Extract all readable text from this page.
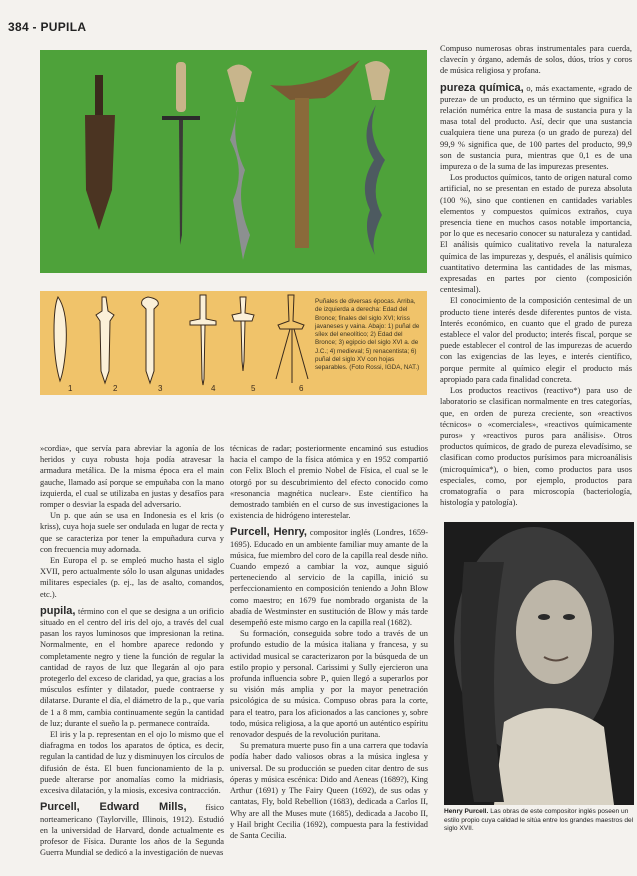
384 - PUPILA
1	2	3	4	5	6
Puñales de diversas épocas. Arriba, de izquierda a derecha: Edad del Bronce; finales del siglo XVI; kriss javaneses y vaina. Abajo: 1) puñal de sílex del eneolítico; 2) Edad del Bronce; 3) egipcio del siglo XVI a. de J.C.; 4) medieval; 5) renacentista; 6) puñal del siglo XV con hojas separables. (Foto Rossi, IGDA, NAT.)

»cordia», que servía para abreviar la agonía de los heridos y cuya robusta hoja podía atravesar la armadura metálica. De la misma época era el main gauche, llamado así porque se empuñaba con la mano izquierda, el cual se utilizaba en justas y desafíos para romper o desviar la espada del adversario.

Un p. que aún se usa en Indonesia es el kris (o kriss), cuya hoja suele ser ondulada en lugar de recta y que se caracteriza por tener la empuñadura curva y con frecuencia muy adornada.

En Europa el p. se empleó mucho hasta el siglo XVII, pero actualmente sólo lo usan algunas unidades militares especiales (p. ej., las de asalto, comandos, etc.).

pupila, término con el que se designa a un orificio situado en el centro del iris del ojo, a través del cual pasan los rayos luminosos que impresionan la retina. Normalmente, en el hombre aparece redondo y completamente negro y tiene la función de regular la cantidad de rayos de luz que llegarán al ojo para protegerlo del exceso de claridad, ya que, gracias a los músculos esfínter y dilatador, puede contraerse y dilatarse. Durante el día, el diámetro de la p., que varía de 1 a 8 mm, cambia continuamente según la cantidad de luz; durante el sueño la p. permanece contraída.

El iris y la p. representan en el ojo lo mismo que el diafragma en todos los aparatos de óptica, es decir, regulan la cantidad de luz y disminuyen los círculos de difusión de ésta. El buen funcionamiento de la p. puede alterarse por anomalías como la midriasis, excesiva dilatación, y la miosis, excesiva contracción.

Purcell, Edward Mills, físico norteamericano (Taylorville, Illinois, 1912). Estudió en la universidad de Harvard, donde actualmente es profesor de Física. Durante los años de la Segunda Guerra Mundial se dedicó a la investigación de nuevas

técnicas de radar; posteriormente encaminó sus estudios hacia el campo de la física atómica y en 1952 compartió con Felix Bloch el premio Nobel de Física, el cual se le otorgó por su descubrimiento del efecto conocido como «resonancia magnética nuclear». Este científico ha demostrado también en el curso de sus investigaciones la existencia de hidrógeno interestelar.

Purcell, Henry, compositor inglés (Londres, 1659-1695). Educado en un ambiente familiar muy amante de la música, fue miembro del coro de la capilla real desde niño. Cuando empezó a cambiar la voz, aunque siguió perteneciendo al servicio de la capilla, inició su perfeccionamiento en composición teniendo a John Blow como maestro; en 1679 fue nombrado organista de la abadía de Westminster en sustitución de Blow y más tarde desempeñó este mismo cargo en la capilla real (1682).

Su formación, conseguida sobre todo a través de un profundo estudio de la música italiana y francesa, y su actividad musical se caracterizaron por la búsqueda de un estilo propio y personal. Carissimi y Sully ejercieron una profunda influencia sobre P., quien llegó a superarlos por su visión más amplia y por la mayor penetración psicológica de su música. Compuso obras para la corte, para el teatro, para los aficionados a las canciones y, sobre todo, música religiosa, a la que aportó un auténtico espíritu renovador después de la revolución puritana.

Su prematura muerte puso fin a una carrera que todavía podía haber dado valiosos obras a la música inglesa y universal. De su producción se pueden citar dentro de sus óperas y música escénica: Dido and Aeneas (1689?), King Arthur (1691) y The Fairy Queen (1692), de sus odas y cantatas, Fly, bold Rebellion (1683), dedicada a Carlos II, Why are all the Muses mute (1685), dedicada a Jacobo II, y Hail bright Cecilia (1692), compuesta para la festividad de Santa Cecilia.

Compuso numerosas obras instrumentales para cuerda, clavecín y órgano, además de solos, dúos, tríos y coros de música religiosa y profana.

pureza química, o, más exactamente, «grado de pureza» de un producto, es un término que significa la relación numérica entre la masa de sustancia pura y la masa total del producto. Así, decir que una sustancia cualquiera tiene una pureza (o un grado de pureza) del 99,9 % significa que, de 100 partes del producto, 99,9 son de sustancia pura, mientras que 0,1 es de una impureza o de la suma de las impurezas presentes.

Los productos químicos, tanto de origen natural como artificial, no se presentan en estado de pureza absoluta (100 %), sino que contienen en cantidades variables elementos y compuestos químicos extraños, cuya presencia tiene en muchos casos notable importancia, por lo que es necesario conocer su naturaleza y cantidad. El análisis químico cualitativo revela la naturaleza química de las impurezas y, después, el análisis químico cuantitativo determina las cantidades de las mismas, expresadas en partes por ciento (composición centesimal).

El conocimiento de la composición centesimal de un producto tiene interés desde diferentes puntos de vista. Interés económico, en cuanto que el grado de pureza establece el valor del producto; interés fiscal, porque se puede establecer el control de las impurezas de acuerdo con las exigencias de las leyes, e interés científico, porque permite al químico elegir el producto más apropiado para cada finalidad concreta.

Los productos reactivos (reactivo*) para uso de laboratorio se clasifican normalmente en tres categorías, que, en orden de pureza creciente, son «reactivos técnicos» o «comerciales», «reactivos químicamente puros» y «reactivos puros para análisis». Otros productos químicos, de grado de pureza elevadísimo, se clasifican como productos purísimos para microanálisis (microquímica*), o bien, como productos para usos especiales, como, por ejemplo, productos para cromatografía o para microscopía (bacteriología, histología y patología).

Henry Purcell. Las obras de este compositor inglés poseen un estilo propio cuya calidad le sitúa entre los grandes maestros del siglo XVII.
